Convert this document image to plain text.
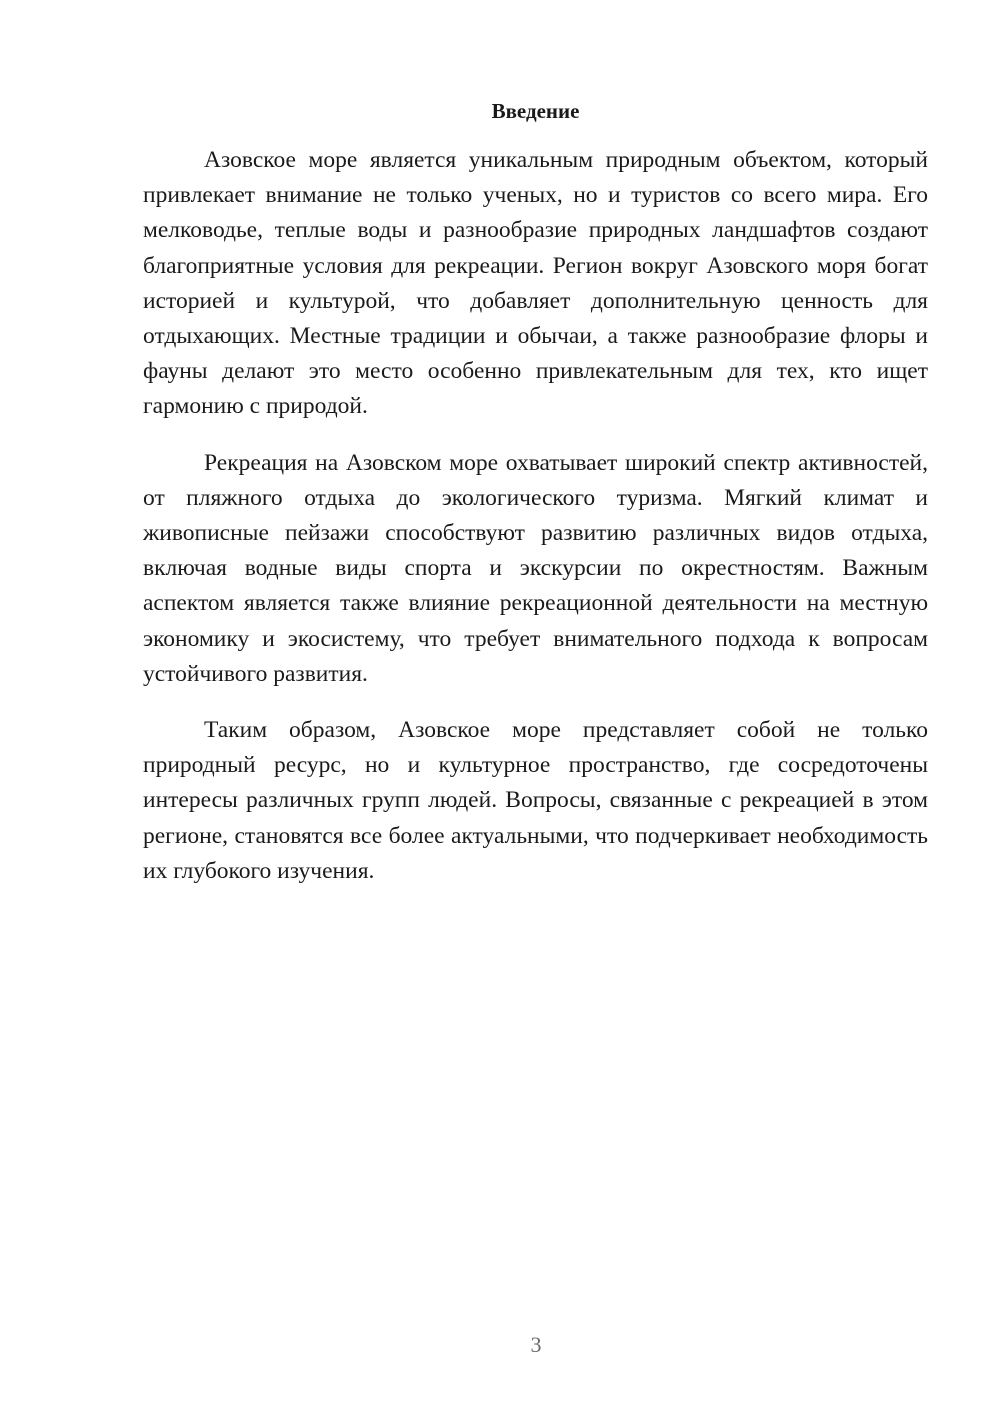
Введение

Азовское море является уникальным природным объектом, который привлекает внимание не только ученых, но и туристов со всего мира. Его мелководье, теплые воды и разнообразие природных ландшафтов создают благоприятные условия для рекреации. Регион вокруг Азовского моря богат историей и культурой, что добавляет дополнительную ценность для отдыхающих. Местные традиции и обычаи, а также разнообразие флоры и фауны делают это место особенно привлекательным для тех, кто ищет гармонию с природой.

Рекреация на Азовском море охватывает широкий спектр активностей, от пляжного отдыха до экологического туризма. Мягкий климат и живописные пейзажи способствуют развитию различных видов отдыха, включая водные виды спорта и экскурсии по окрестностям. Важным аспектом является также влияние рекреационной деятельности на местную экономику и экосистему, что требует внимательного подхода к вопросам устойчивого развития.

Таким образом, Азовское море представляет собой не только природный ресурс, но и культурное пространство, где сосредоточены интересы различных групп людей. Вопросы, связанные с рекреацией в этом регионе, становятся все более актуальными, что подчеркивает необходимость их глубокого изучения.

3
